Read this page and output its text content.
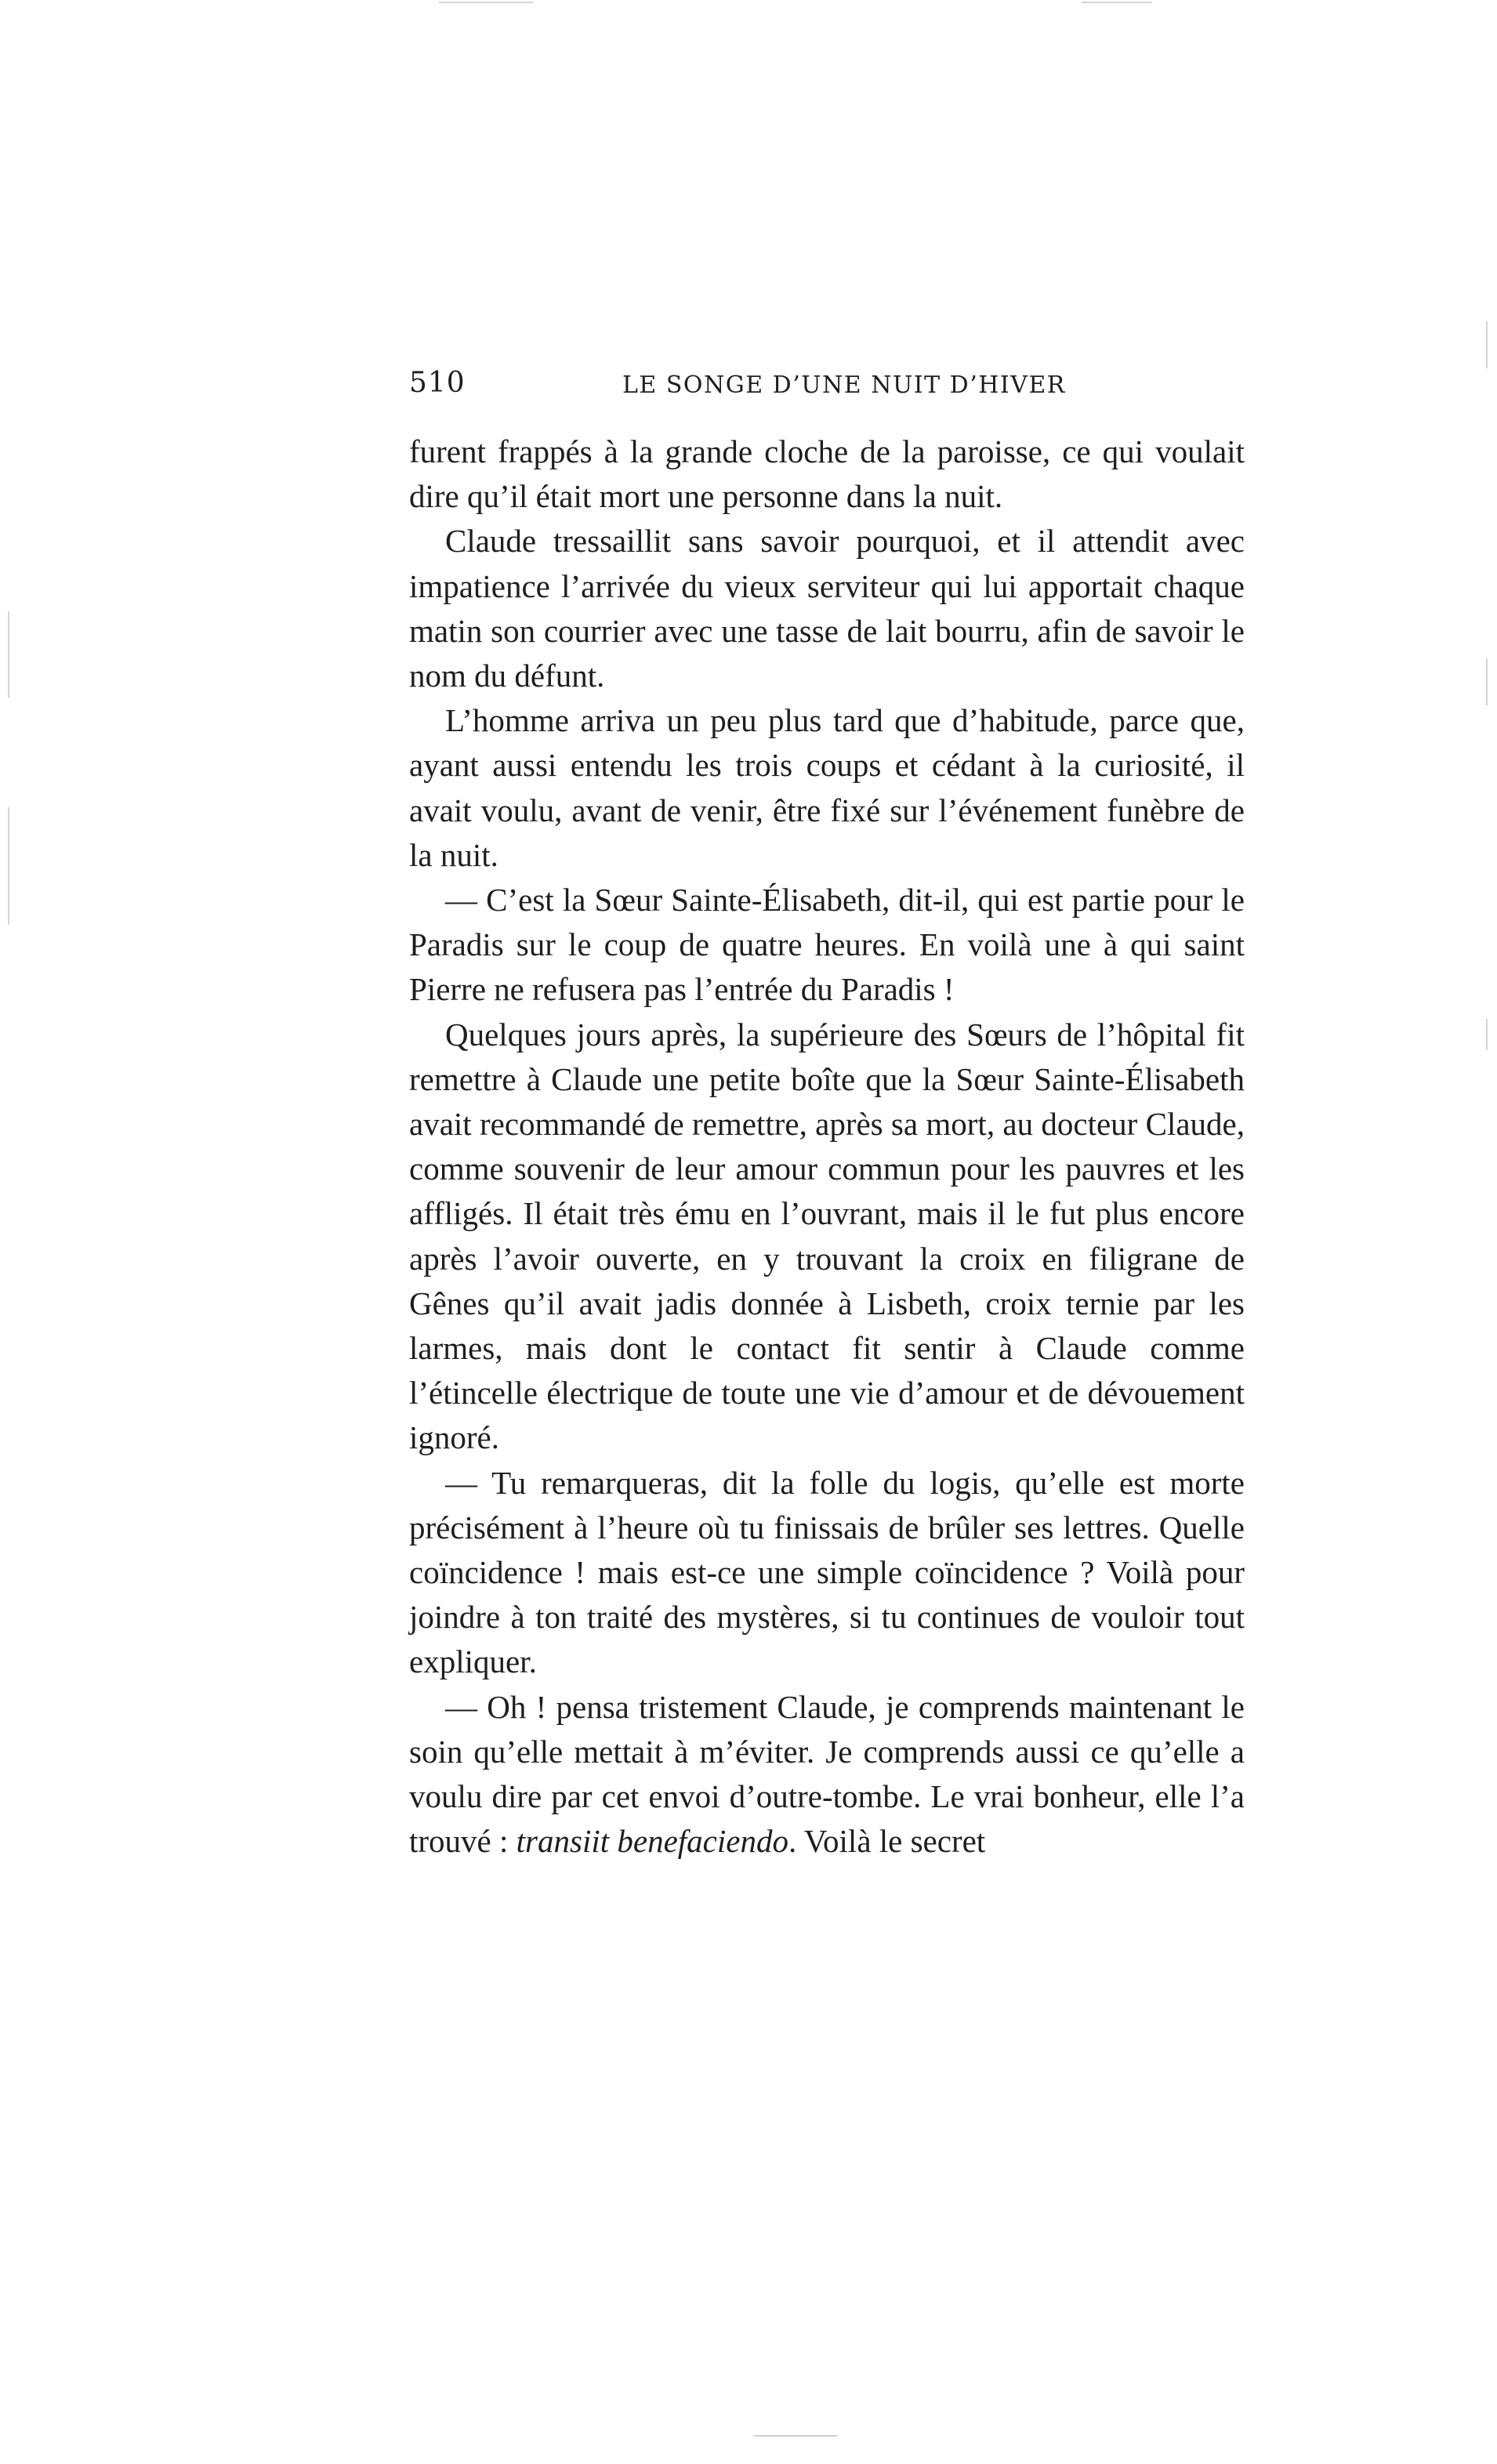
510	LE SONGE D’UNE NUIT D’HIVER

furent frappés à la grande cloche de la paroisse, ce qui voulait dire qu’il était mort une personne dans la nuit.

Claude tressaillit sans savoir pourquoi, et il attendit avec impatience l’arrivée du vieux serviteur qui lui apportait chaque matin son courrier avec une tasse de lait bourru, afin de savoir le nom du défunt.

L’homme arriva un peu plus tard que d’habitude, parce que, ayant aussi entendu les trois coups et cédant à la curiosité, il avait voulu, avant de venir, être fixé sur l’événement funèbre de la nuit.

— C’est la Sœur Sainte-Élisabeth, dit-il, qui est partie pour le Paradis sur le coup de quatre heures. En voilà une à qui saint Pierre ne refusera pas l’entrée du Paradis !

Quelques jours après, la supérieure des Sœurs de l’hôpital fit remettre à Claude une petite boîte que la Sœur Sainte-Élisabeth avait recommandé de remettre, après sa mort, au docteur Claude, comme souvenir de leur amour commun pour les pauvres et les affligés. Il était très ému en l’ouvrant, mais il le fut plus encore après l’avoir ouverte, en y trouvant la croix en filigrane de Gênes qu’il avait jadis donnée à Lisbeth, croix ternie par les larmes, mais dont le contact fit sentir à Claude comme l’étincelle électrique de toute une vie d’amour et de dévouement ignoré.

— Tu remarqueras, dit la folle du logis, qu’elle est morte précisément à l’heure où tu finissais de brûler ses lettres. Quelle coïncidence ! mais est-ce une simple coïncidence ? Voilà pour joindre à ton traité des mystères, si tu continues de vouloir tout expliquer.

— Oh ! pensa tristement Claude, je comprends maintenant le soin qu’elle mettait à m’éviter. Je comprends aussi ce qu’elle a voulu dire par cet envoi d’outre-tombe. Le vrai bonheur, elle l’a trouvé : transiit benefaciendo. Voilà le secret
